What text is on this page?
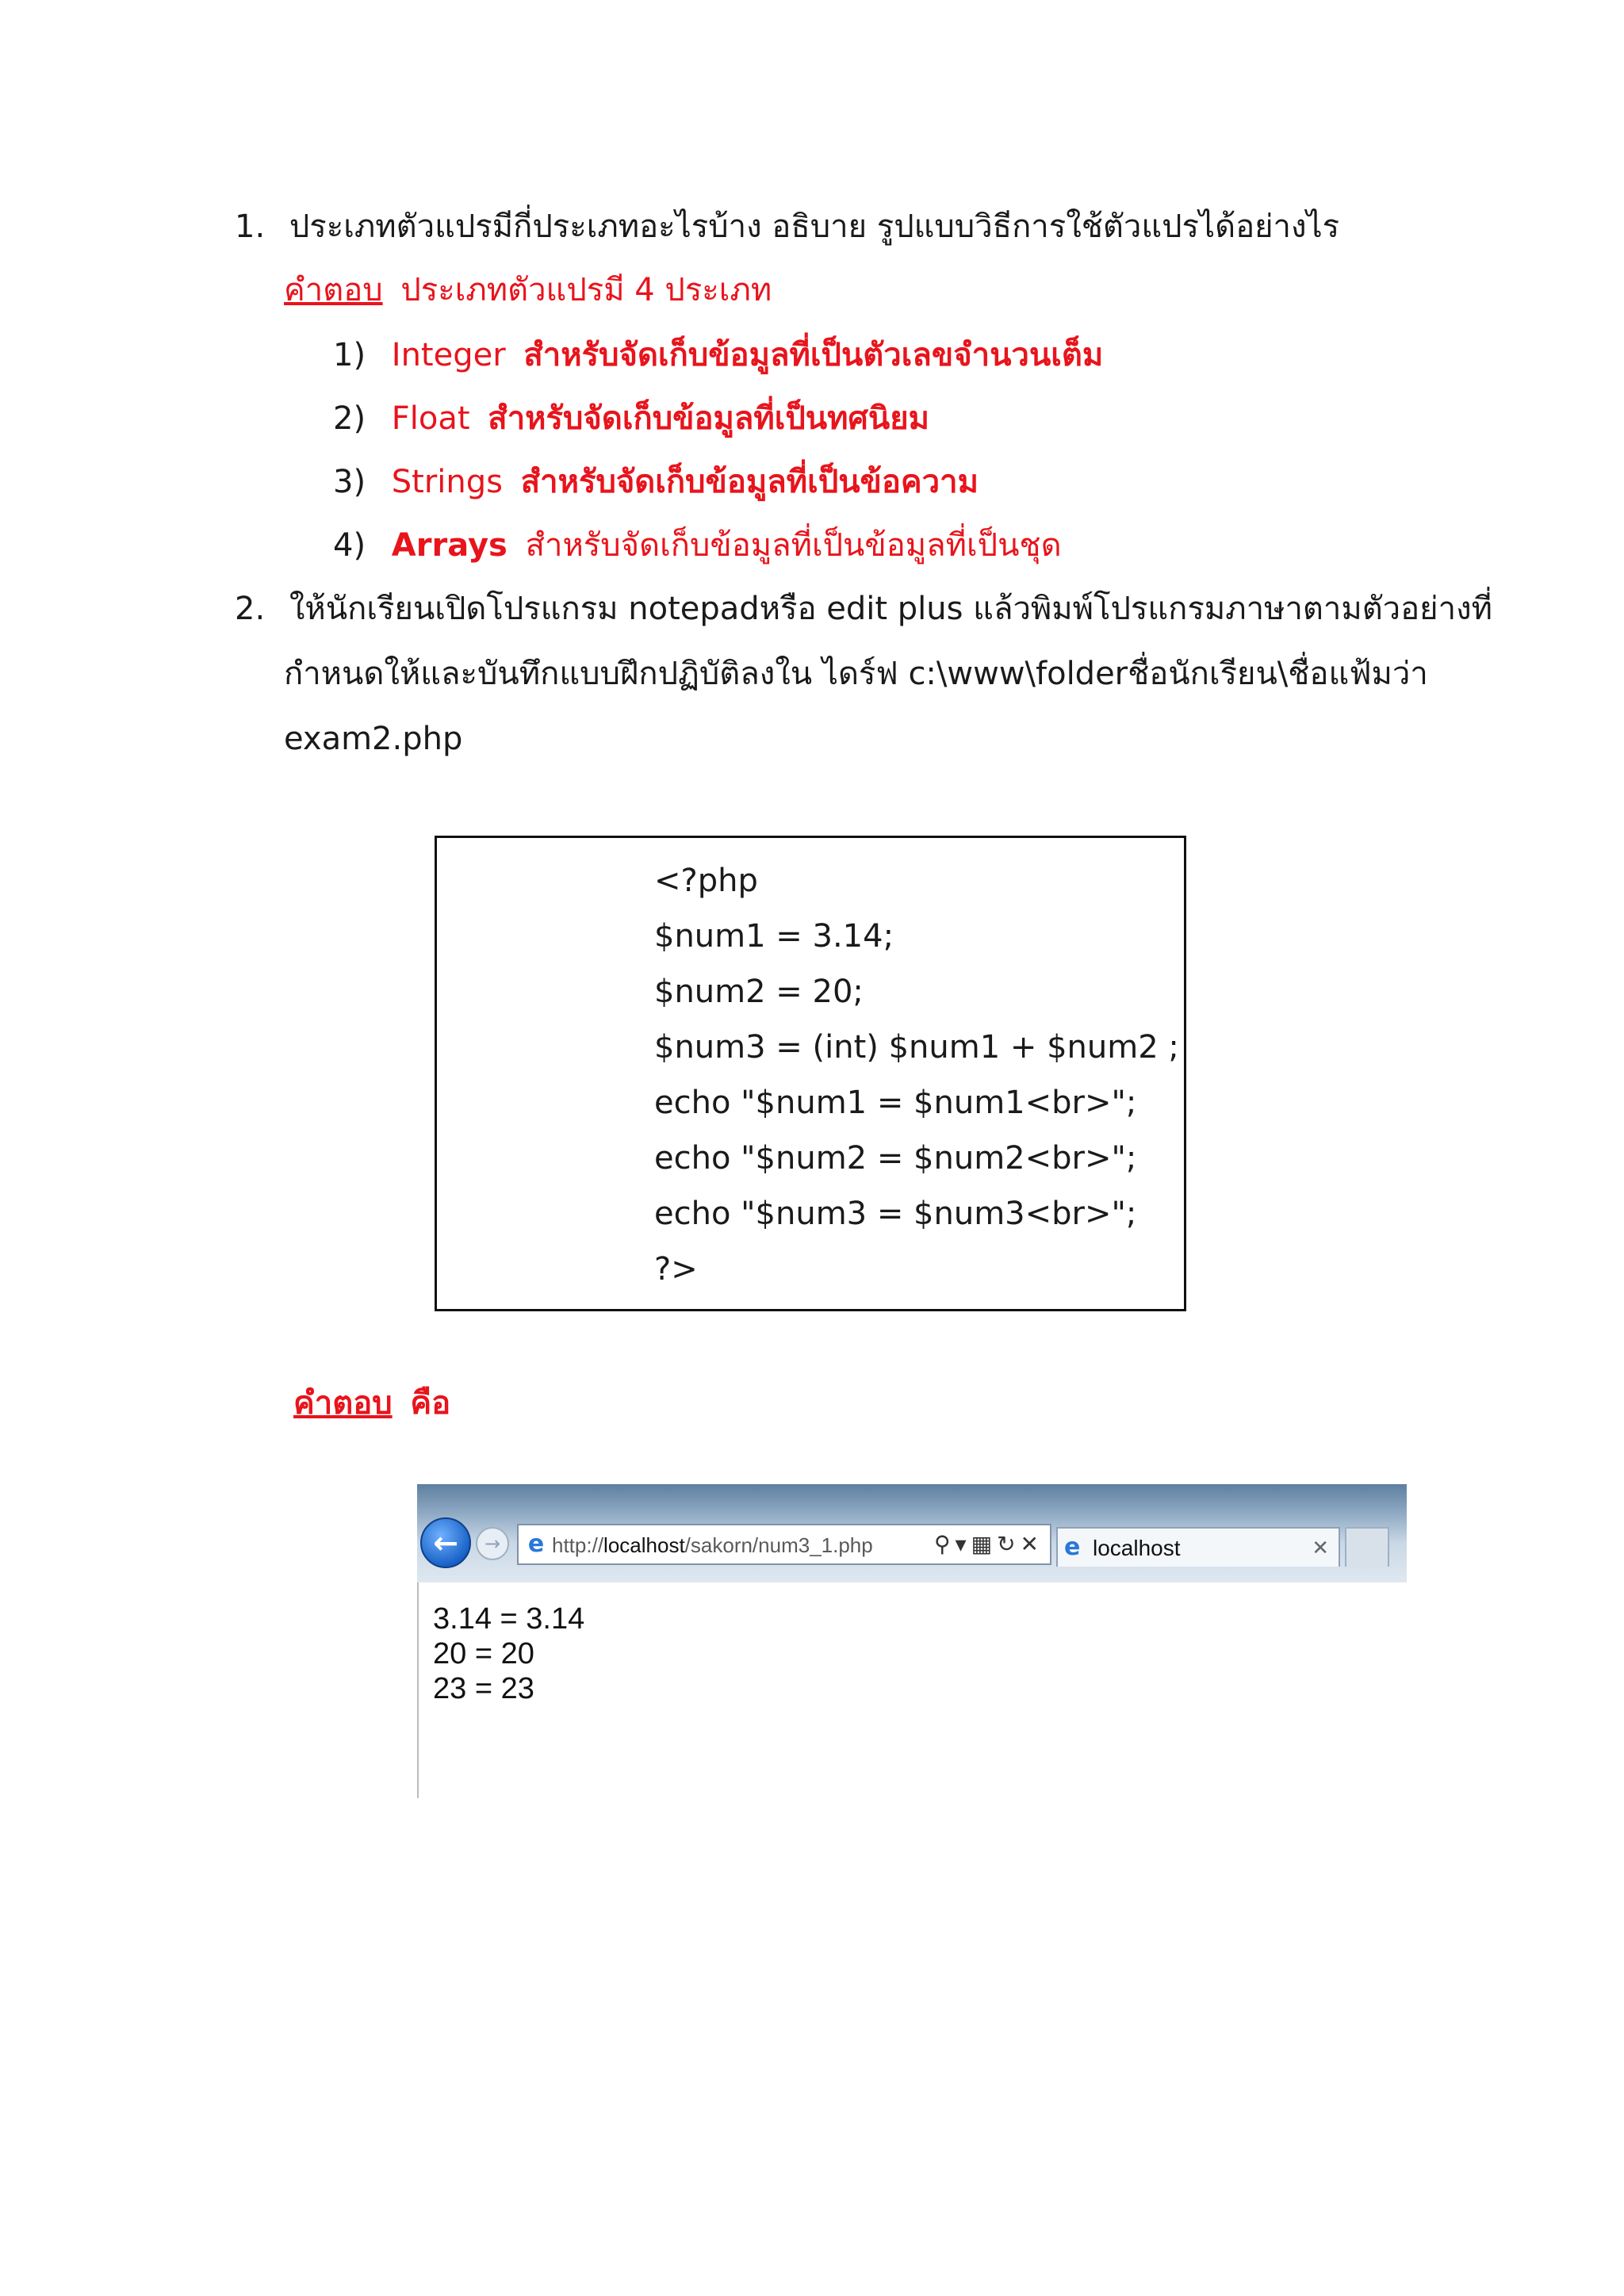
1. ประเภทตัวแปรมีกี่ประเภทอะไรบ้าง อธิบาย รูปแบบวิธีการใช้ตัวแปรได้อย่างไร
คำตอบ ประเภทตัวแปรมี 4 ประเภท
1) Integer สำหรับจัดเก็บข้อมูลที่เป็นตัวเลขจำนวนเต็ม
2) Float สำหรับจัดเก็บข้อมูลที่เป็นทศนิยม
3) Strings สำหรับจัดเก็บข้อมูลที่เป็นข้อความ
4) Arrays สำหรับจัดเก็บข้อมูลที่เป็นข้อมูลที่เป็นชุด
2. ให้นักเรียนเปิดโปรแกรม notepadหรือ edit plus แล้วพิมพ์โปรแกรมภาษาตามตัวอย่างที่
กำหนดให้และบันทึกแบบฝึกปฏิบัติลงใน ไดร์ฟ c:\www\folderชื่อนักเรียน\ชื่อแฟ้มว่า
exam2.php
<?php
$num1 = 3.14;
$num2 = 20;
$num3 = (int) $num1 + $num2 ;
echo "$num1 = $num1<br>";
echo "$num2 = $num2<br>";
echo "$num3 = $num3<br>";
?>
คำตอบ คือ
← → e http://localhost/sakorn/num3_1.php	⚲▾▦↻✕ e localhost	✕
3.14 = 3.14
20 = 20
23 = 23
